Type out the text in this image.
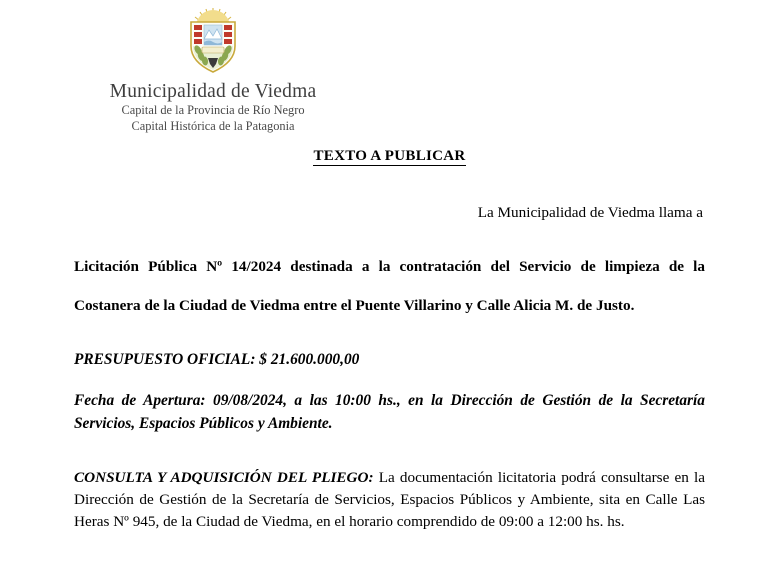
Municipalidad de Viedma
Capital de la Provincia de Río Negro
Capital Histórica de la Patagonia
TEXTO A PUBLICAR

La Municipalidad de Viedma llama a

Licitación Pública Nº 14/2024 destinada a la contratación del Servicio de limpieza de la Costanera de la Ciudad de Viedma entre el Puente Villarino y Calle Alicia M. de Justo.

PRESUPUESTO OFICIAL: $ 21.600.000,00

Fecha de Apertura: 09/08/2024, a las 10:00 hs., en la Dirección de Gestión de la Secretaría Servicios, Espacios Públicos y Ambiente.

CONSULTA Y ADQUISICIÓN DEL PLIEGO: La documentación licitatoria podrá consultarse en la Dirección de Gestión de la Secretaría de Servicios, Espacios Públicos y Ambiente, sita en Calle Las Heras Nº 945, de la Ciudad de Viedma, en el horario comprendido de 09:00 a 12:00 hs. hs.
